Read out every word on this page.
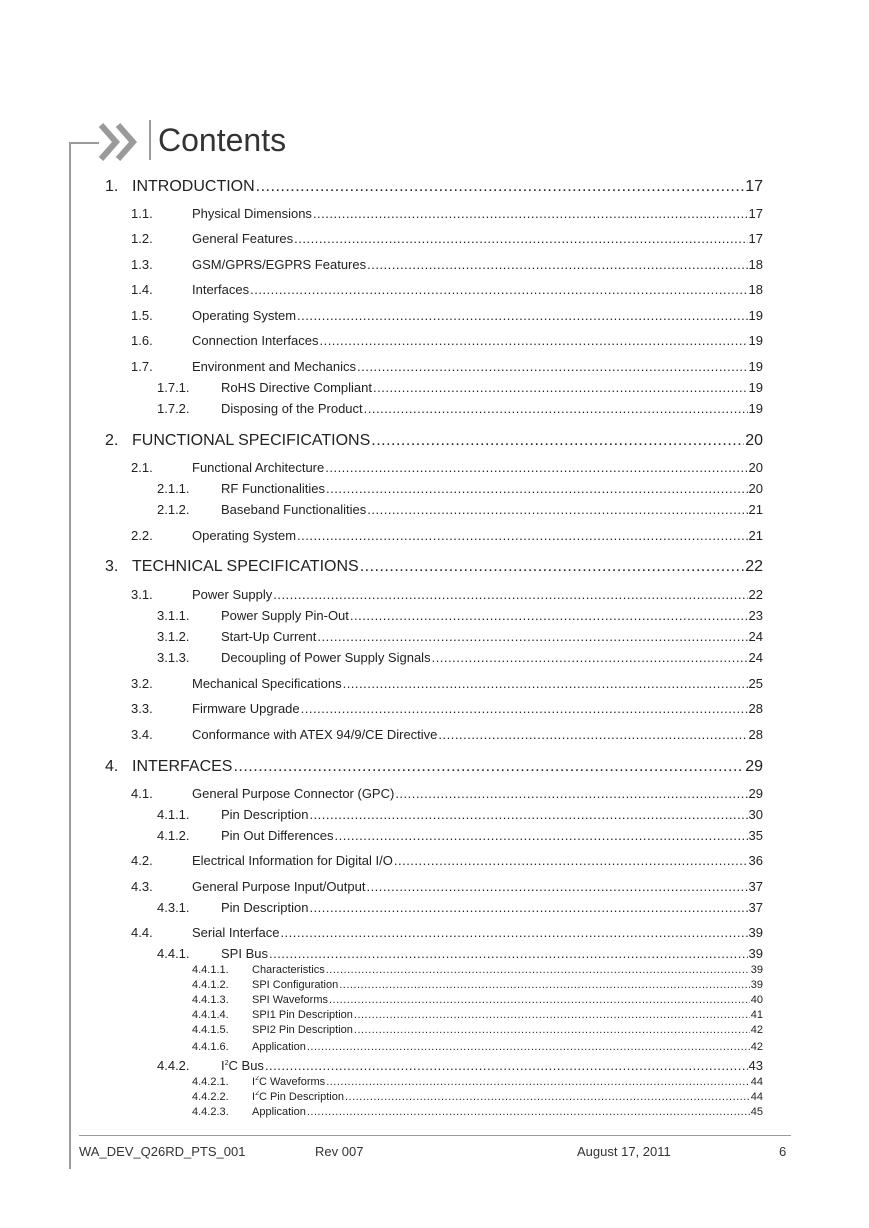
Contents
1. INTRODUCTION .....	17
1.1.	Physical Dimensions .....	17
1.2.	General Features .....	17
1.3.	GSM/GPRS/EGPRS Features .....	18
1.4.	Interfaces .....	18
1.5.	Operating System .....	19
1.6.	Connection Interfaces .....	19
1.7.	Environment and Mechanics .....	19
1.7.1.	RoHS Directive Compliant .....	19
1.7.2.	Disposing of the Product .....	19
2. FUNCTIONAL SPECIFICATIONS .....	20
2.1.	Functional Architecture .....	20
2.1.1.	RF Functionalities .....	20
2.1.2.	Baseband Functionalities .....	21
2.2.	Operating System .....	21
3. TECHNICAL SPECIFICATIONS .....	22
3.1.	Power Supply .....	22
3.1.1.	Power Supply Pin-Out .....	23
3.1.2.	Start-Up Current .....	24
3.1.3.	Decoupling of Power Supply Signals .....	24
3.2.	Mechanical Specifications .....	25
3.3.	Firmware Upgrade .....	28
3.4.	Conformance with ATEX 94/9/CE Directive .....	28
4. INTERFACES .....	29
4.1.	General Purpose Connector (GPC) .....	29
4.1.1.	Pin Description .....	30
4.1.2.	Pin Out Differences .....	35
4.2.	Electrical Information for Digital I/O .....	36
4.3.	General Purpose Input/Output .....	37
4.3.1.	Pin Description .....	37
4.4.	Serial Interface .....	39
4.4.1.	SPI Bus .....	39
4.4.1.1.	Characteristics .....	39
4.4.1.2.	SPI Configuration .....	39
4.4.1.3.	SPI Waveforms .....	40
4.4.1.4.	SPI1 Pin Description .....	41
4.4.1.5.	SPI2 Pin Description .....	42
4.4.1.6.	Application .....	42
4.4.2.	$I^2C$ Bus .....	43
4.4.2.1.	$I^2C$ Waveforms .....	44
4.4.2.2.	$I^2C$ Pin Description .....	44
4.4.2.3.	Application .....	45
WA_DEV_Q26RD_PTS_001	Rev 007	August 17, 2011	6
